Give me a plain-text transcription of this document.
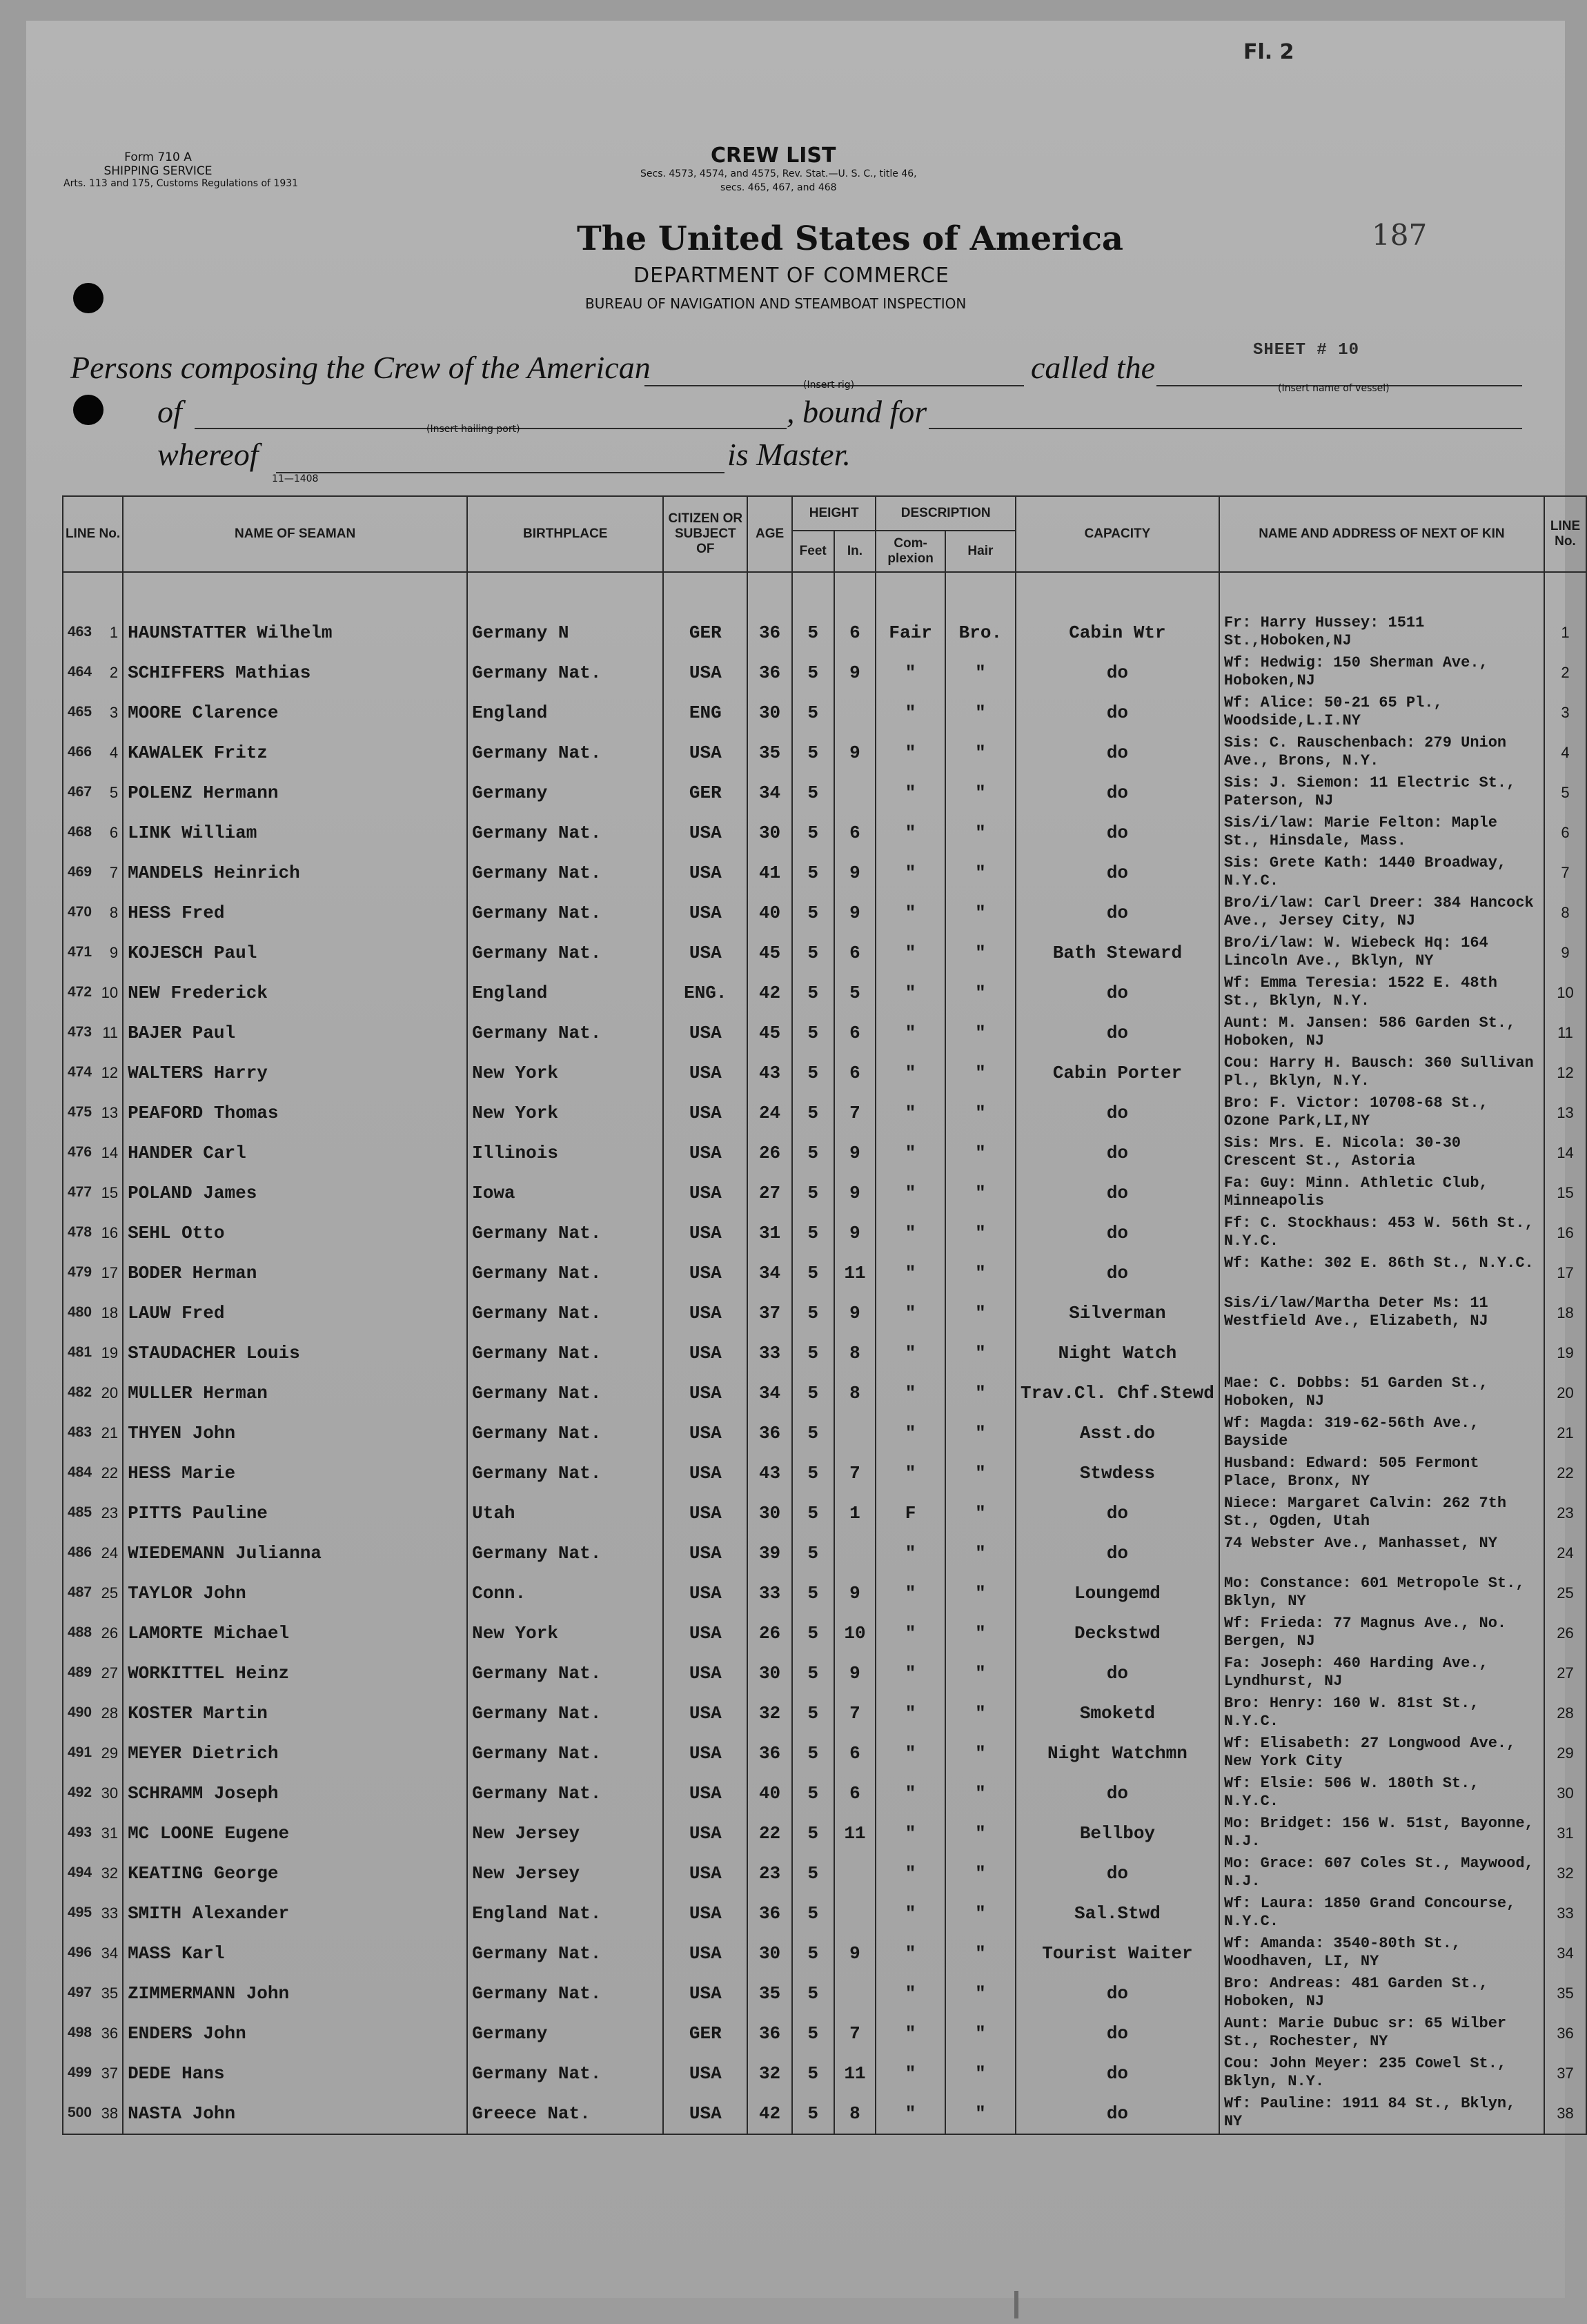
Form 710 A
SHIPPING SERVICE
Arts. 113 and 175, Customs Regulations of 1931
CREW LIST
Secs. 4573, 4574, and 4575, Rev. Stat.—U. S. C., title 46,
secs. 465, 467, and 468
The United States of America
DEPARTMENT OF COMMERCE
BUREAU OF NAVIGATION AND STEAMBOAT INSPECTION
Fl. 2
187
Persons composing the Crew of the American	(Insert rig)	called the	SHEET # 10
(Insert name of vessel)
of	(Insert hailing port)	, bound for
whereof	is Master.
11—1408
LINE No.	NAME OF SEAMAN	BIRTHPLACE	CITIZEN OR SUBJECT OF	AGE	HEIGHT		DESCRIPTION		CAPACITY	NAME AND ADDRESS OF NEXT OF KIN	LINE No.
					Feet	In.	Com-plexion	Hair			

463 1	HAUNSTATTER Wilhelm	Germany N	GER	36	5	6	Fair	Bro.	Cabin Wtr	Fr: Harry Hussey: 1511 St.,Hoboken,NJ	1

464 2	SCHIFFERS Mathias	Germany Nat.	USA	36	5	9	"	"	do	Wf: Hedwig: 150 Sherman Ave., Hoboken,NJ	2

465 3	MOORE Clarence	England	ENG	30	5		"	"	do	Wf: Alice: 50-21 65 Pl., Woodside,L.I.NY	3

466 4	KAWALEK Fritz	Germany Nat.	USA	35	5	9	"	"	do	Sis: C. Rauschenbach: 279 Union Ave., Brons, N.Y.	4

467 5	POLENZ Hermann	Germany	GER	34	5		"	"	do	Sis: J. Siemon: 11 Electric St., Paterson, NJ	5

468 6	LINK William	Germany Nat.	USA	30	5	6	"	"	do	Sis/i/law: Marie Felton: Maple St., Hinsdale, Mass.	6

469 7	MANDELS Heinrich	Germany Nat.	USA	41	5	9	"	"	do	Sis: Grete Kath: 1440 Broadway, N.Y.C.	7

470 8	HESS Fred	Germany Nat.	USA	40	5	9	"	"	do	Bro/i/law: Carl Dreer: 384 Hancock Ave., Jersey City, NJ	8

471 9	KOJESCH Paul	Germany Nat.	USA	45	5	6	"	"	Bath Steward	Bro/i/law: W. Wiebeck Hq: 164 Lincoln Ave., Bklyn, NY	9

472 10	NEW Frederick	England	ENG.	42	5	5	"	"	do	Wf: Emma Teresia: 1522 E. 48th St., Bklyn, N.Y.	10

473 11	BAJER Paul	Germany Nat.	USA	45	5	6	"	"	do	Aunt: M. Jansen: 586 Garden St., Hoboken, NJ	11

474 12	WALTERS Harry	New York	USA	43	5	6	"	"	Cabin Porter	Cou: Harry H. Bausch: 360 Sullivan Pl., Bklyn, N.Y.	12

475 13	PEAFORD Thomas	New York	USA	24	5	7	"	"	do	Bro: F. Victor: 10708-68 St., Ozone Park,LI,NY	13

476 14	HANDER Carl	Illinois	USA	26	5	9	"	"	do	Sis: Mrs. E. Nicola: 30-30 Crescent St., Astoria	14

477 15	POLAND James	Iowa	USA	27	5	9	"	"	do	Fa: Guy: Minn. Athletic Club, Minneapolis	15

478 16	SEHL Otto	Germany Nat.	USA	31	5	9	"	"	do	Ff: C. Stockhaus: 453 W. 56th St., N.Y.C.	16

479 17	BODER Herman	Germany Nat.	USA	34	5	11	"	"	do	Wf: Kathe: 302 E. 86th St., N.Y.C.	17

480 18	LAUW Fred	Germany Nat.	USA	37	5	9	"	"	Silverman	Sis/i/law/Martha Deter Ms: 11 Westfield Ave., Elizabeth, NJ	18

481 19	STAUDACHER Louis	Germany Nat.	USA	33	5	8	"	"	Night Watch		19

482 20	MULLER Herman	Germany Nat.	USA	34	5	8	"	"	Trav.Cl. Chf.Stewd	Mae: C. Dobbs: 51 Garden St., Hoboken, NJ	20

483 21	THYEN John	Germany Nat.	USA	36	5		"	"	Asst.do	Wf: Magda: 319-62-56th Ave., Bayside	21

484 22	HESS Marie	Germany Nat.	USA	43	5	7	"	"	Stwdess	Husband: Edward: 505 Fermont Place, Bronx, NY	22

485 23	PITTS Pauline	Utah	USA	30	5	1	F	"	do	Niece: Margaret Calvin: 262 7th St., Ogden, Utah	23

486 24	WIEDEMANN Julianna	Germany Nat.	USA	39	5		"	"	do	74 Webster Ave., Manhasset, NY	24

487 25	TAYLOR John	Conn.	USA	33	5	9	"	"	Loungemd	Mo: Constance: 601 Metropole St., Bklyn, NY	25

488 26	LAMORTE Michael	New York	USA	26	5	10	"	"	Deckstwd	Wf: Frieda: 77 Magnus Ave., No. Bergen, NJ	26

489 27	WORKITTEL Heinz	Germany Nat.	USA	30	5	9	"	"	do	Fa: Joseph: 460 Harding Ave., Lyndhurst, NJ	27

490 28	KOSTER Martin	Germany Nat.	USA	32	5	7	"	"	Smoketd	Bro: Henry: 160 W. 81st St., N.Y.C.	28

491 29	MEYER Dietrich	Germany Nat.	USA	36	5	6	"	"	Night Watchmn	Wf: Elisabeth: 27 Longwood Ave., New York City	29

492 30	SCHRAMM Joseph	Germany Nat.	USA	40	5	6	"	"	do	Wf: Elsie: 506 W. 180th St., N.Y.C.	30

493 31	MC LOONE Eugene	New Jersey	USA	22	5	11	"	"	Bellboy	Mo: Bridget: 156 W. 51st, Bayonne, N.J.	31

494 32	KEATING George	New Jersey	USA	23	5		"	"	do	Mo: Grace: 607 Coles St., Maywood, N.J.	32

495 33	SMITH Alexander	England Nat.	USA	36	5		"	"	Sal.Stwd	Wf: Laura: 1850 Grand Concourse, N.Y.C.	33

496 34	MASS Karl	Germany Nat.	USA	30	5	9	"	"	Tourist Waiter	Wf: Amanda: 3540-80th St., Woodhaven, LI, NY	34

497 35	ZIMMERMANN John	Germany Nat.	USA	35	5		"	"	do	Bro: Andreas: 481 Garden St., Hoboken, NJ	35

498 36	ENDERS John	Germany	GER	36	5	7	"	"	do	Aunt: Marie Dubuc sr: 65 Wilber St., Rochester, NY	36

499 37	DEDE Hans	Germany Nat.	USA	32	5	11	"	"	do	Cou: John Meyer: 235 Cowel St., Bklyn, N.Y.	37

500 38	NASTA John	Greece Nat.	USA	42	5	8	"	"	do	Wf: Pauline: 1911 84 St., Bklyn, NY	38
